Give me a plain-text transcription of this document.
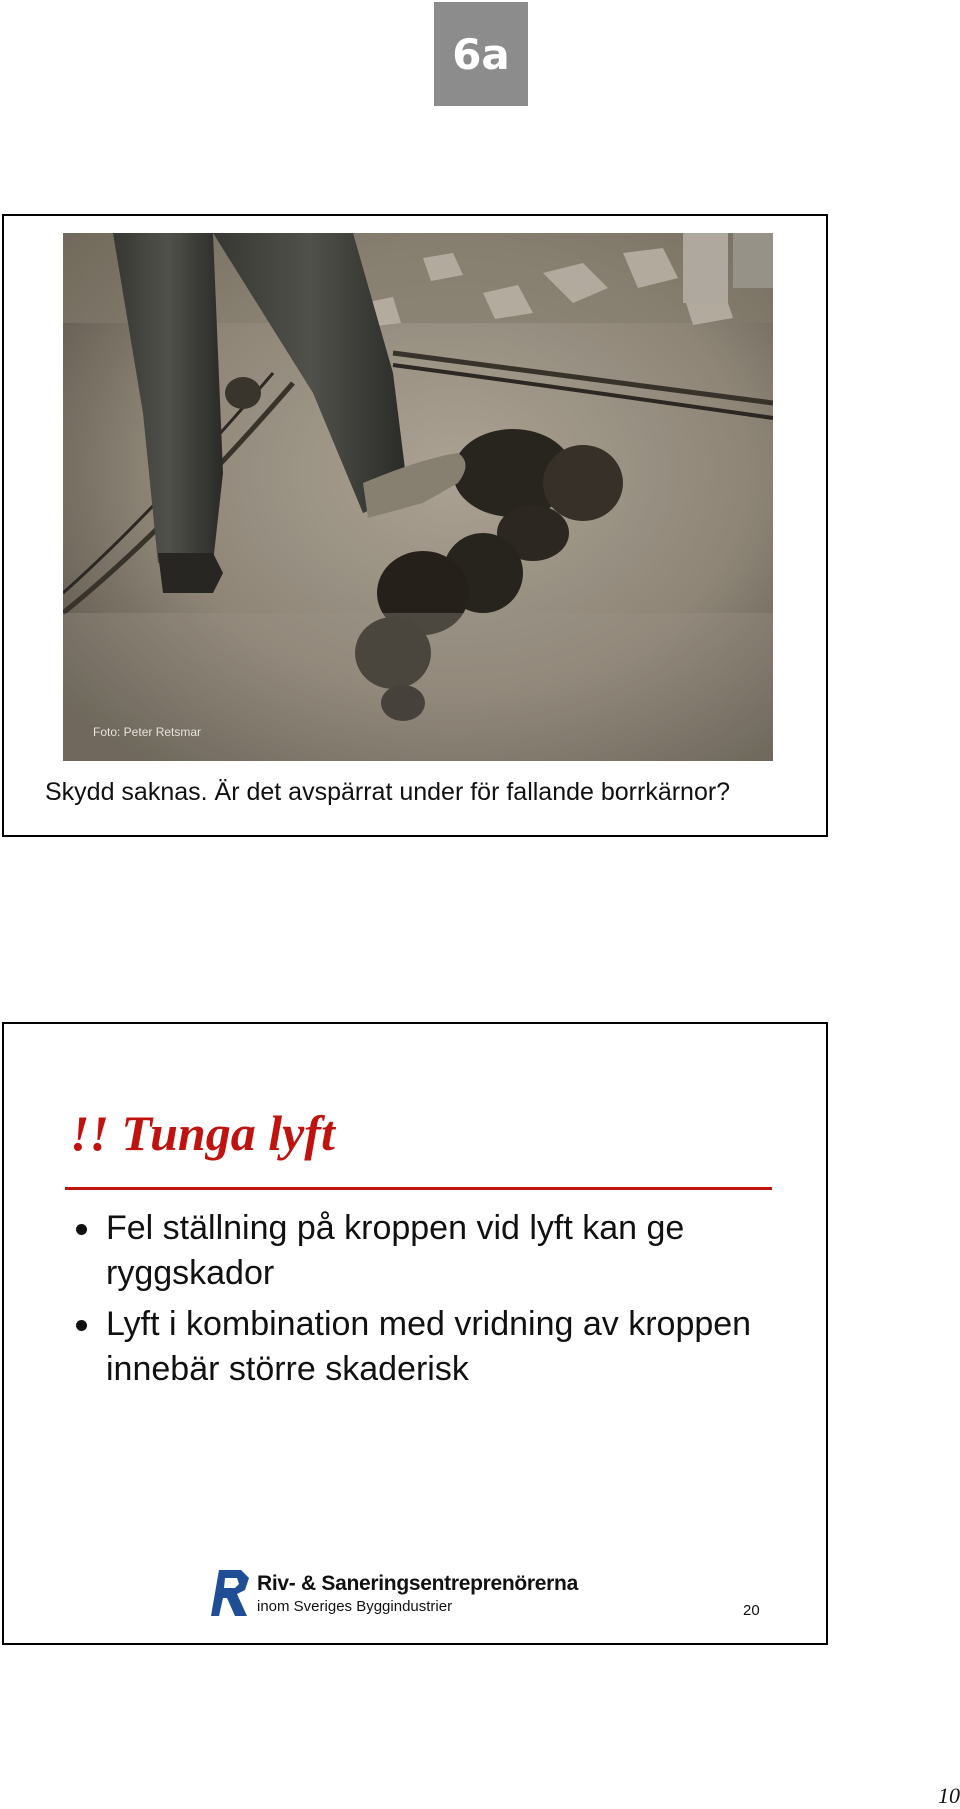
6a
Foto: Peter Retsmar
Skydd saknas. Är det avspärrat under för fallande borrkärnor?
!! Tunga lyft
Fel ställning på kroppen vid lyft kan ge ryggskador
Lyft i kombination med vridning av kroppen innebär större skaderisk
Riv- & Saneringsentreprenörerna
inom Sveriges Byggindustrier	20
10
